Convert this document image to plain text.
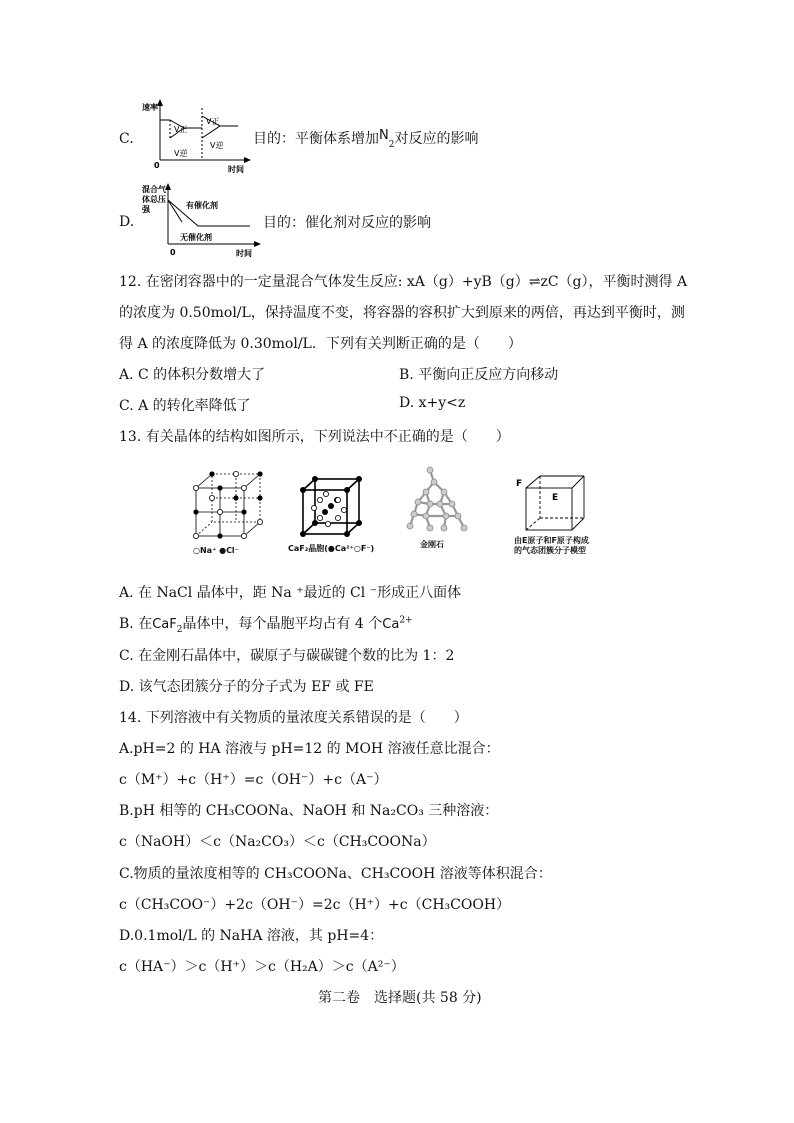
C.
速率
V正
V逆
V正
V逆
0	时间
目的：平衡体系增加$N_2$对反应的影响
D.
混合气
体总压
强	有催化剂
无催化剂
0	时间
目的：催化剂对反应的影响
12. 在密闭容器中的一定量混合气体发生反应: xA（g）+yB（g）⇌zC（g），平衡时测得 A
的浓度为 0.50mol/L，保持温度不变，将容器的容积扩大到原来的两倍，再达到平衡时，测
得 A 的浓度降低为 0.30mol/L．下列有关判断正确的是（　　）
A. C 的体积分数增大了	B. 平衡向正反应方向移动
C. A 的转化率降低了	D. x+y<z
13. 有关晶体的结构如图所示，下列说法中不正确的是（　　）
○Na⁺ ●Cl⁻	CaF₂晶胞(●Ca²⁺○F⁻)	金刚石
F
E
由E原子和F原子构成
的气态团簇分子模型
A. 在 NaCl 晶体中，距 Na ⁺最近的 Cl ⁻形成正八面体
B. 在CaF$_2$晶体中，每个晶胞平均占有 4 个$Ca^{2+}$
C. 在金刚石晶体中，碳原子与碳碳键个数的比为 1：2
D. 该气态团簇分子的分子式为 EF 或 FE
14. 下列溶液中有关物质的量浓度关系错误的是（　　）
A.pH=2 的 HA 溶液与 pH=12 的 MOH 溶液任意比混合：
c（M⁺）+c（H⁺）=c（OH⁻）+c（A⁻）
B.pH 相等的 CH₃COONa、NaOH 和 Na₂CO₃ 三种溶液：
c（NaOH）＜c（Na₂CO₃）＜c（CH₃COONa）
C.物质的量浓度相等的 CH₃COONa、CH₃COOH 溶液等体积混合：
c（CH₃COO⁻）+2c（OH⁻）=2c（H⁺）+c（CH₃COOH）
D.0.1mol/L 的 NaHA 溶液，其 pH=4：
c（HA⁻）＞c（H⁺）＞c（H₂A）＞c（A²⁻）
第二卷　选择题(共 58 分)
